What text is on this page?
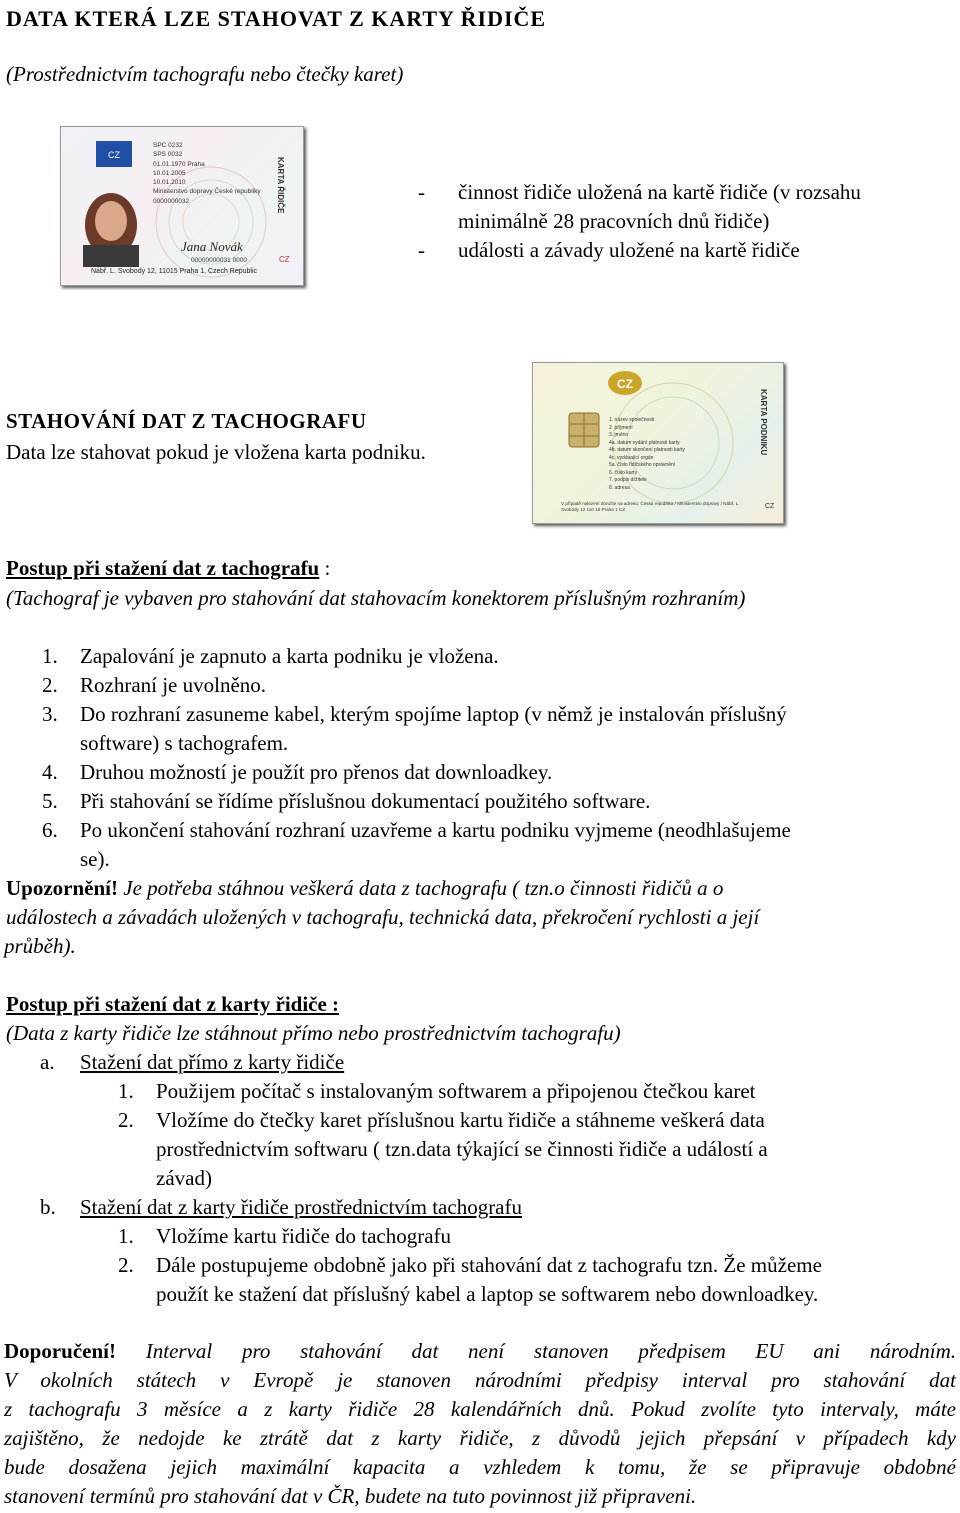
DATA KTERÁ LZE STAHOVAT Z KARTY ŘIDIČE
(Prostřednictvím tachografu nebo čtečky karet)
CZ
SPC 0232
SPS 0032
01.01.1970 Praha
10.01.2005
10.01.2010
Ministerstvo dopravy České republiky
0000000032
Jana Novák
00000000031 0000
Nábř. L. Svobody 12, 11015 Praha 1, Czech Republic
KARTA ŘIDIČE
CZ
- činnost řidiče uložená na kartě řidiče (v rozsahu
minimálně 28 pracovních dnů řidiče)
- události a závady uložené na kartě řidiče
CZ
1. název společnosti
2. příjmení
3. jméno
4a. datum vydání platnosti karty
4b. datum skončení platnosti karty
4c. vydávající orgán
5a. číslo řidičského oprávnění
6. číslo karty
7. podpis držitele
8. adresa
V případě nalezení doručte na adresu: Česká republika / Ministerstvo dopravy / Nábř. L. Svobody 12 110 15 Praha 1 CZ
KARTA PODNIKU
CZ
STAHOVÁNÍ DAT Z TACHOGRAFU
Data lze stahovat pokud je vložena karta podniku.
Postup při stažení dat z tachografu :
(Tachograf je vybaven pro stahování dat stahovacím konektorem příslušným rozhraním)
1. Zapalování je zapnuto a karta podniku je vložena.
2. Rozhraní je uvolněno.
3. Do rozhraní zasuneme kabel, kterým spojíme laptop (v němž je instalován příslušný
software) s tachografem.
4. Druhou možností je použít pro přenos dat downloadkey.
5. Při stahování se řídíme příslušnou dokumentací použitého software.
6. Po ukončení stahování rozhraní uzavřeme a kartu podniku vyjmeme (neodhlašujeme
se).
Upozornění! Je potřeba stáhnou veškerá data z tachografu ( tzn.o činnosti řidičů a o
událostech a závadách uložených v tachografu, technická data, překročení rychlosti a její
průběh).
Postup při stažení dat z karty řidiče :
(Data z karty řidiče lze stáhnout přímo nebo prostřednictvím tachografu)
a. Stažení dat přímo z karty řidiče
1. Použijem počítač s instalovaným softwarem a připojenou čtečkou karet
2. Vložíme do čtečky karet příslušnou kartu řidiče a stáhneme veškerá data
prostřednictvím softwaru ( tzn.data týkající se činnosti řidiče a událostí a
závad)
b. Stažení dat z karty řidiče prostřednictvím tachografu
1. Vložíme kartu řidiče do tachografu
2. Dále postupujeme obdobně jako při stahování dat z tachografu tzn. Že můžeme
použít ke stažení dat příslušný kabel a laptop se softwarem nebo downloadkey.
Doporučení! Interval pro stahování dat není stanoven předpisem EU ani národním.
V okolních státech v Evropě je stanoven národními předpisy interval pro stahování dat
z tachografu 3 měsíce a z karty řidiče 28 kalendářních dnů. Pokud zvolíte tyto intervaly, máte
zajištěno, že nedojde ke ztrátě dat z karty řidiče, z důvodů jejich přepsání v případech kdy
bude dosažena jejich maximální kapacita a vzhledem k tomu, že se připravuje obdobné
stanovení termínů pro stahování dat v ČR, budete na tuto povinnost již připraveni.
